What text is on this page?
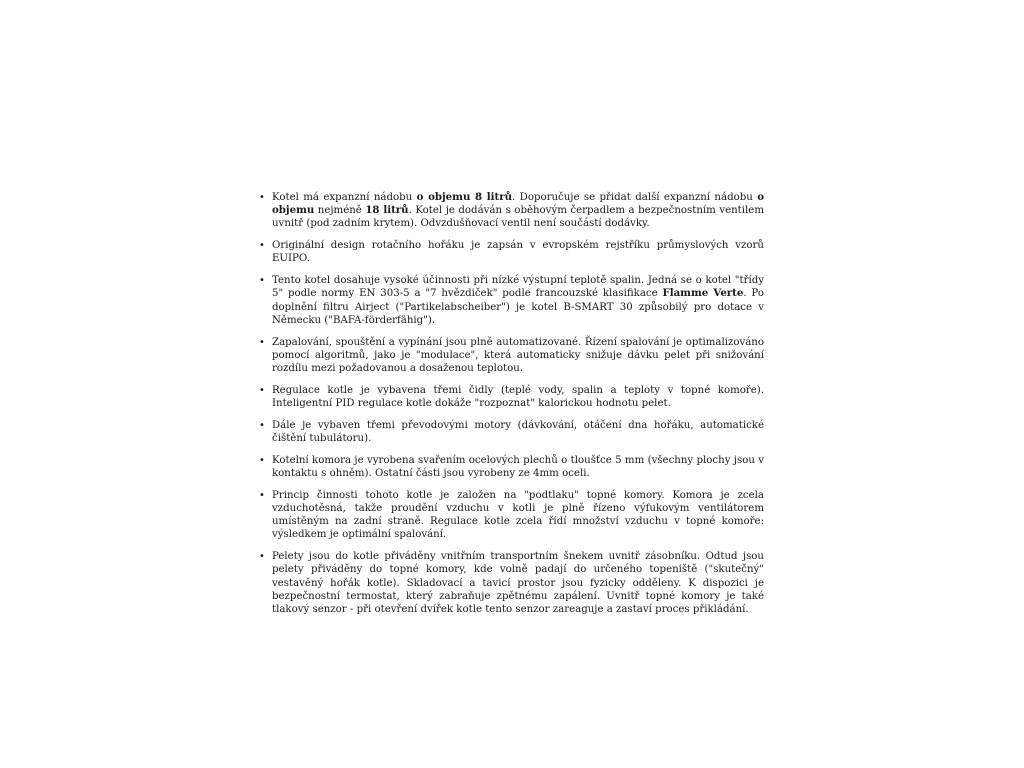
• Kotel má expanzní nádobu o objemu 8 litrů. Doporučuje se přidat další expanzní nádobu o objemu nejméně 18 litrů. Kotel je dodáván s oběhovým čerpadlem a bezpečnostním ventilem uvnitř (pod zadním krytem). Odvzdušňovací ventil není součástí dodávky.
• Originální design rotačního hořáku je zapsán v evropském rejstříku průmyslových vzorů EUIPO.
• Tento kotel dosahuje vysoké účinnosti při nízké výstupní teplotě spalin. Jedná se o kotel "třídy 5" podle normy EN 303-5 a "7 hvězdiček" podle francouzské klasifikace Flamme Verte. Po doplnění filtru Airject ("Partikelabscheiber") je kotel B-SMART 30 způsobilý pro dotace v Německu ("BAFA-förderfähig").
• Zapalování, spouštění a vypínání jsou plně automatizované. Řízení spalování je optimalizováno pomocí algoritmů, jako je "modulace", která automaticky snižuje dávku pelet při snižování rozdílu mezi požadovanou a dosaženou teplotou.
• Regulace kotle je vybavena třemi čidly (teplé vody, spalin a teploty v topné komoře). Inteligentní PID regulace kotle dokáže "rozpoznat" kalorickou hodnotu pelet.
• Dále je vybaven třemi převodovými motory (dávkování, otáčení dna hořáku, automatické čištění tubulátoru).
• Kotelní komora je vyrobena svařením ocelových plechů o tloušťce 5 mm (všechny plochy jsou v kontaktu s ohněm). Ostatní části jsou vyrobeny ze 4mm oceli.
• Princip činnosti tohoto kotle je založen na "podtlaku" topné komory. Komora je zcela vzduchotěsná, takže proudění vzduchu v kotli je plně řízeno výfukovým ventilátorem umístěným na zadní straně. Regulace kotle zcela řídí množství vzduchu v topné komoře: výsledkem je optimální spalování.
• Pelety jsou do kotle přiváděny vnitřním transportním šnekem uvnitř zásobníku. Odtud jsou pelety přiváděny do topné komory, kde volně padají do určeného topeniště ("skutečný" vestavěný hořák kotle). Skladovací a tavicí prostor jsou fyzicky odděleny. K dispozici je bezpečnostní termostat, který zabraňuje zpětnému zapálení. Uvnitř topné komory je také tlakový senzor - při otevření dvířek kotle tento senzor zareaguje a zastaví proces přikládání.
